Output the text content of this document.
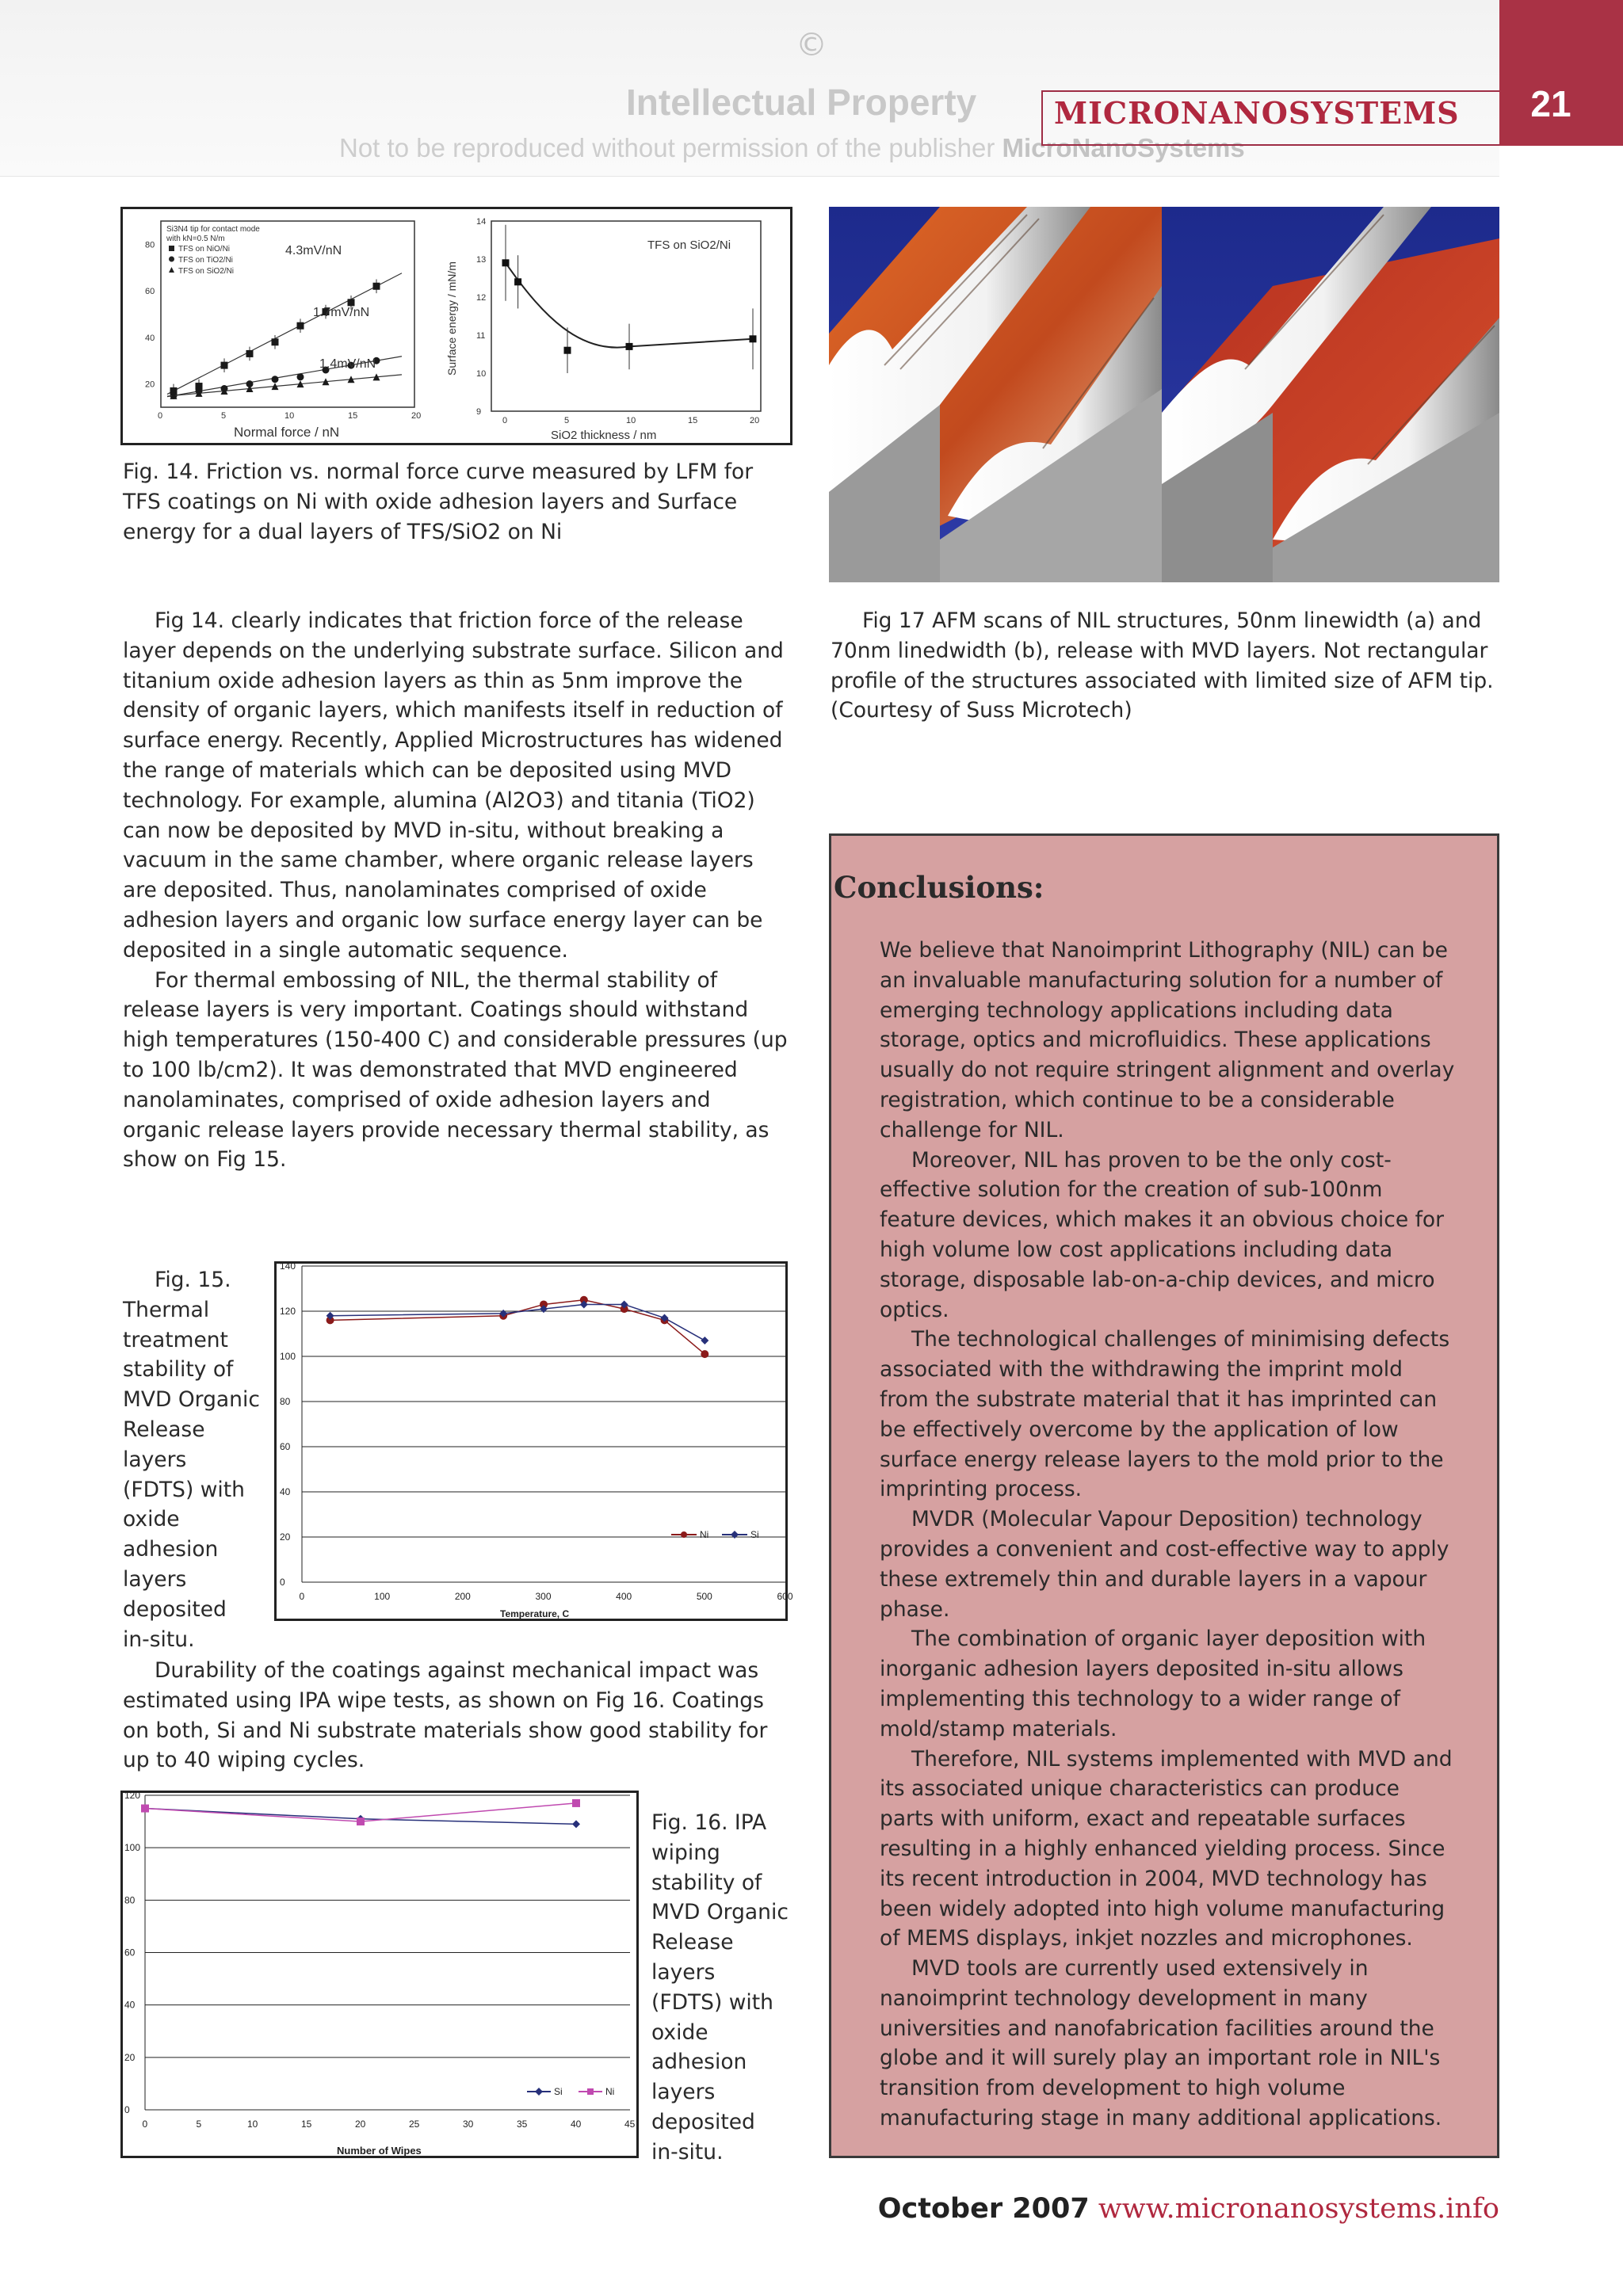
©
Intellectual Property
Not to be reproduced without permission of the publisher MicroNanoSystems
MICRONANOSYSTEMS	21
Si3N4 tip for contact mode
with kN=0.5 N/m
TFS on NiO/Ni
TFS on TiO2/Ni
TFS on SiO2/Ni
4.3mV/nN
1.7mV/nN
1.4mV/nN
Normal force / nN
0	5	10	15	20
20
40
60
80	TFS on SiO2/Ni
Surface energy / mN/m
SiO2 thickness / nm
0	5	10	15	20
9
10
11
12
13
14
Fig. 14. Friction vs. normal force curve measured by LFM for TFS coatings on Ni with oxide adhesion layers and Surface energy for a dual layers of TFS/SiO2 on Ni
Fig 17 AFM scans of NIL structures, 50nm linewidth (a) and 70nm linedwidth (b), release with MVD layers. Not rectangular profile of the structures associated with limited size of AFM tip. (Courtesy of Suss Microtech)

Fig 14. clearly indicates that friction force of the release layer depends on the underlying substrate surface. Silicon and titanium oxide adhesion layers as thin as 5nm improve the density of organic layers, which manifests itself in reduction of surface energy. Recently, Applied Microstructures has widened the range of materials which can be deposited using MVD technology. For example, alumina (Al2O3) and titania (TiO2) can now be deposited by MVD in-situ, without breaking a vacuum in the same chamber, where organic release layers are deposited. Thus, nanolaminates comprised of oxide adhesion layers and organic low surface energy layer can be deposited in a single automatic sequence.

For thermal embossing of NIL, the thermal stability of release layers is very important. Coatings should withstand high temperatures (150-400 C) and considerable pressures (up to 100 lb/cm2). It was demonstrated that MVD engineered nanolaminates, comprised of oxide adhesion layers and organic release layers provide necessary thermal stability, as show on Fig 15.

Fig. 15.
Thermal
treatment
stability of
MVD Organic
Release layers
(FDTS) with
oxide
adhesion
layers
deposited
in-situ.
0	100	200	300	400	500	600
0
20
40
60
80
100
120
140
Temperature, C
Ni	Si
Durability of the coatings against mechanical impact was estimated using IPA wipe tests, as shown on Fig 16. Coatings on both, Si and Ni substrate materials show good stability for up to 40 wiping cycles.
0	5	10	15	20	25	30	35	40	45
0
20
40
60
80
100
120
Number of Wipes
Si	Ni
Fig. 16. IPA
wiping
stability of
MVD Organic
Release
layers
(FDTS) with
oxide
adhesion
layers
deposited
in-situ.
Conclusions:

We believe that Nanoimprint Lithography (NIL) can be an invaluable manufacturing solution for a number of emerging technology applications including data storage, optics and microfluidics. These applications usually do not require stringent alignment and overlay registration, which continue to be a considerable challenge for NIL.

Moreover, NIL has proven to be the only cost-effective solution for the creation of sub-100nm feature devices, which makes it an obvious choice for high volume low cost applications including data storage, disposable lab-on-a-chip devices, and micro optics.

The technological challenges of minimising defects associated with the withdrawing the imprint mold from the substrate material that it has imprinted can be effectively overcome by the application of low surface energy release layers to the mold prior to the imprinting process.

MVDR (Molecular Vapour Deposition) technology provides a convenient and cost-effective way to apply these extremely thin and durable layers in a vapour phase.

The combination of organic layer deposition with inorganic adhesion layers deposited in-situ allows implementing this technology to a wider range of mold/stamp materials.

Therefore, NIL systems implemented with MVD and its associated unique characteristics can produce parts with uniform, exact and repeatable surfaces resulting in a highly enhanced yielding process. Since its recent introduction in 2004, MVD technology has been widely adopted into high volume manufacturing of MEMS displays, inkjet nozzles and microphones.

MVD tools are currently used extensively in nanoimprint technology development in many universities and nanofabrication facilities around the globe and it will surely play an important role in NIL's transition from development to high volume manufacturing stage in many additional applications.

October 2007 www.micronanosystems.info
